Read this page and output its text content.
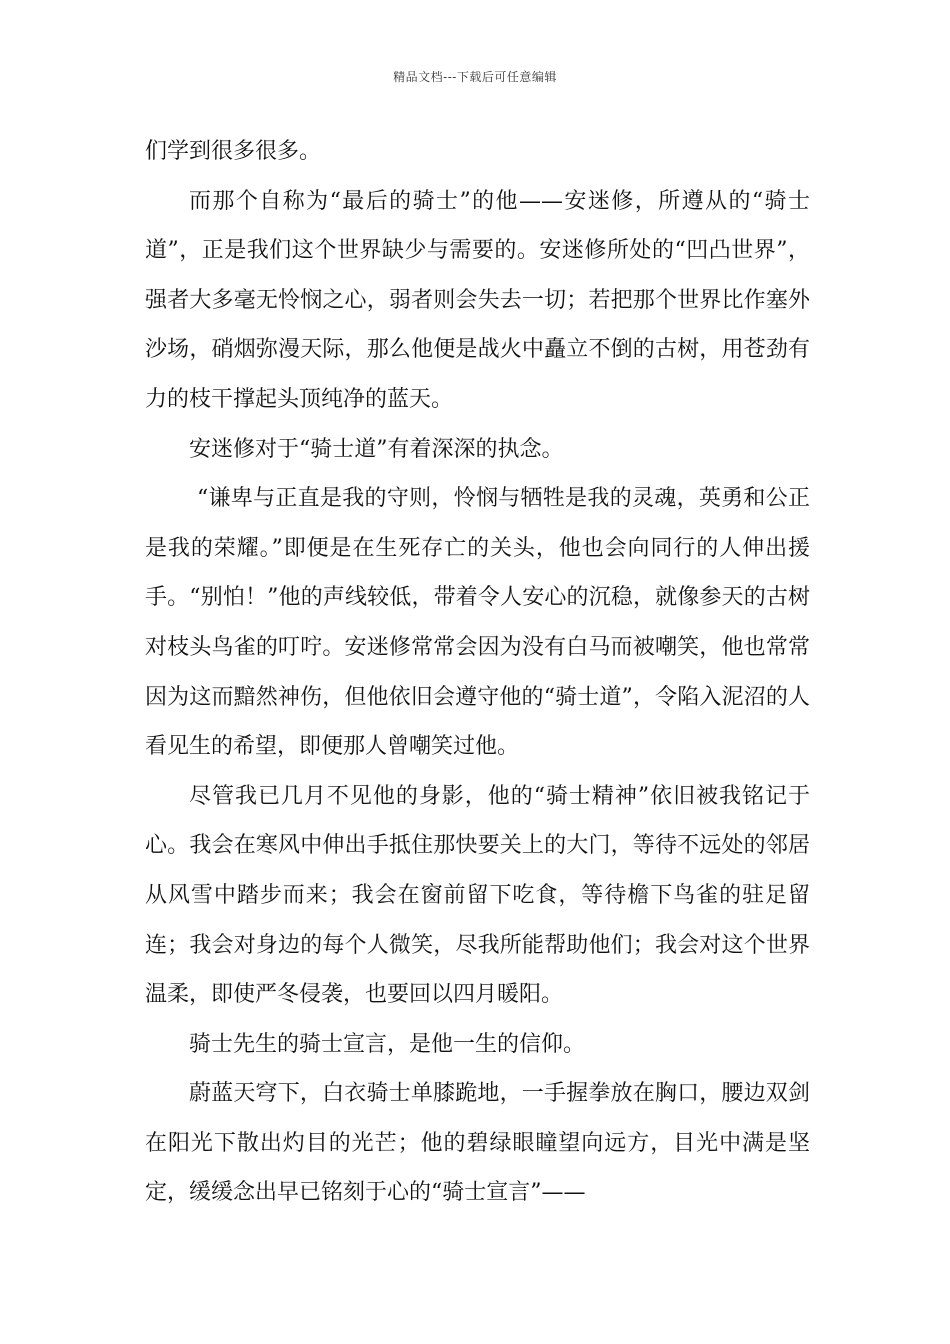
精品文档---下载后可任意编辑

们学到很多很多。

而那个自称为“最后的骑士”的他——安迷修，所遵从的“骑士道”，正是我们这个世界缺少与需要的。安迷修所处的“凹凸世界”，强者大多毫无怜悯之心，弱者则会失去一切；若把那个世界比作塞外沙场，硝烟弥漫天际，那么他便是战火中矗立不倒的古树，用苍劲有力的枝干撑起头顶纯净的蓝天。

安迷修对于“骑士道”有着深深的执念。

“谦卑与正直是我的守则，怜悯与牺牲是我的灵魂，英勇和公正是我的荣耀。”即便是在生死存亡的关头，他也会向同行的人伸出援手。“别怕！”他的声线较低，带着令人安心的沉稳，就像参天的古树对枝头鸟雀的叮咛。安迷修常常会因为没有白马而被嘲笑，他也常常因为这而黯然神伤，但他依旧会遵守他的“骑士道”，令陷入泥沼的人看见生的希望，即便那人曾嘲笑过他。

尽管我已几月不见他的身影，他的“骑士精神”依旧被我铭记于心。我会在寒风中伸出手抵住那快要关上的大门，等待不远处的邻居从风雪中踏步而来；我会在窗前留下吃食，等待檐下鸟雀的驻足留连；我会对身边的每个人微笑，尽我所能帮助他们；我会对这个世界温柔，即使严冬侵袭，也要回以四月暖阳。

骑士先生的骑士宣言，是他一生的信仰。

蔚蓝天穹下，白衣骑士单膝跪地，一手握拳放在胸口，腰边双剑在阳光下散出灼目的光芒；他的碧绿眼瞳望向远方，目光中满是坚定，缓缓念出早已铭刻于心的“骑士宣言”——
